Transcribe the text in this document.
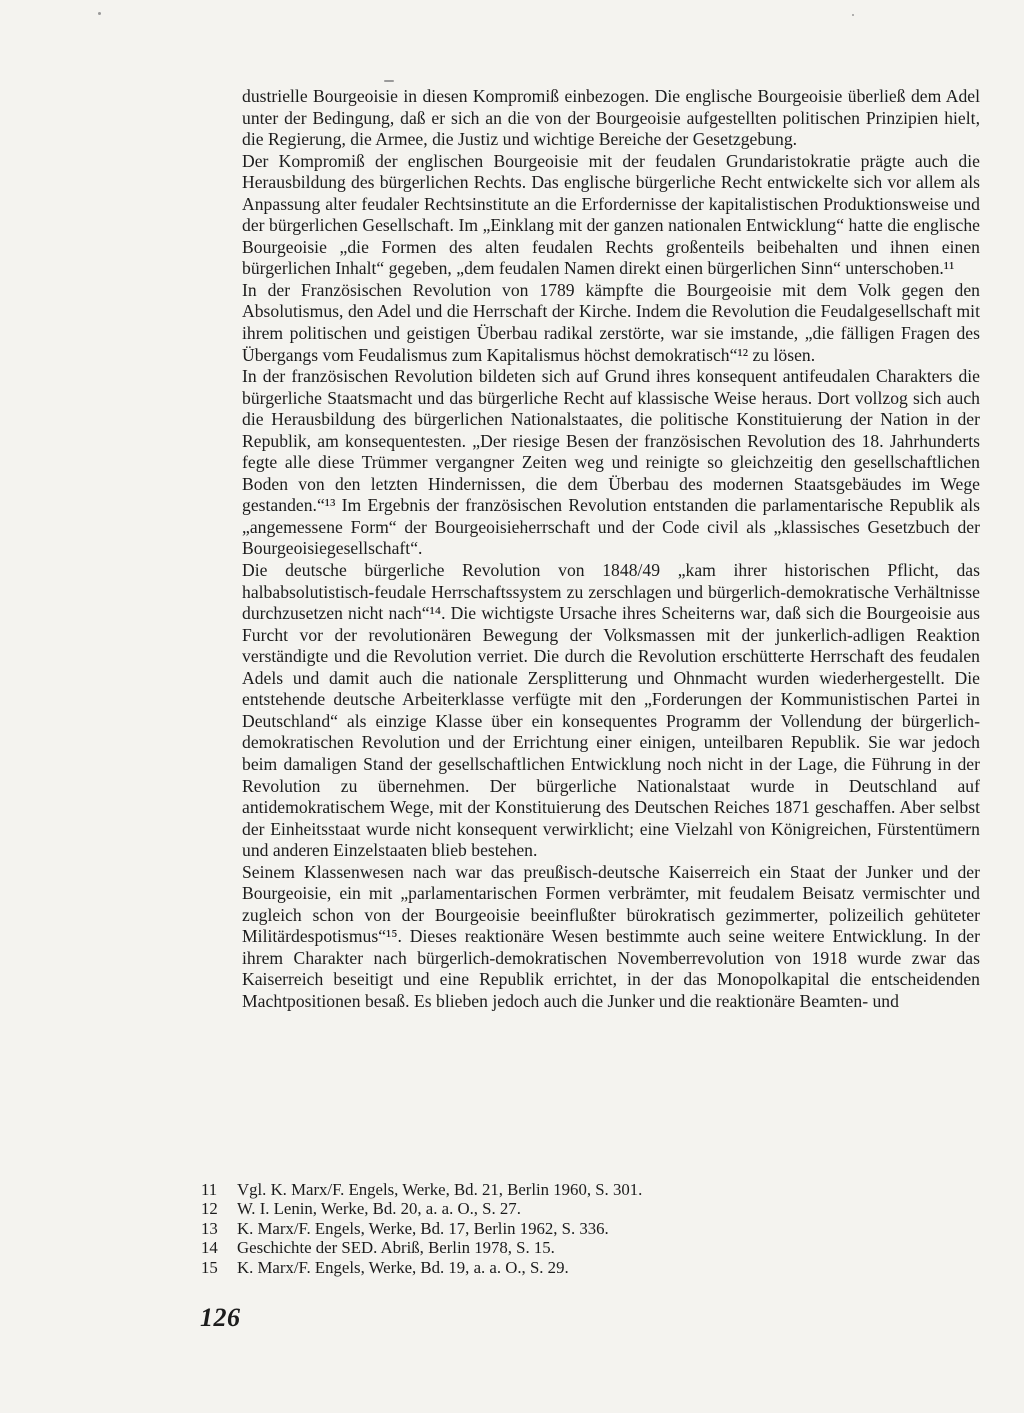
dustrielle Bourgeoisie in diesen Kompromiß einbezogen. Die englische Bourgeoisie überließ dem Adel unter der Bedingung, daß er sich an die von der Bourgeoisie aufgestellten politischen Prinzipien hielt, die Regierung, die Armee, die Justiz und wichtige Bereiche der Gesetzgebung.

Der Kompromiß der englischen Bourgeoisie mit der feudalen Grundaristokratie prägte auch die Herausbildung des bürgerlichen Rechts. Das englische bürgerliche Recht entwickelte sich vor allem als Anpassung alter feudaler Rechtsinstitute an die Erfordernisse der kapitalistischen Produktionsweise und der bürgerlichen Gesellschaft. Im „Einklang mit der ganzen nationalen Entwicklung“ hatte die englische Bourgeoisie „die Formen des alten feudalen Rechts großenteils beibehalten und ihnen einen bürgerlichen Inhalt“ gegeben, „dem feudalen Namen direkt einen bürgerlichen Sinn“ unterschoben.¹¹

In der Französischen Revolution von 1789 kämpfte die Bourgeoisie mit dem Volk gegen den Absolutismus, den Adel und die Herrschaft der Kirche. Indem die Revolution die Feudalgesellschaft mit ihrem politischen und geistigen Überbau radikal zerstörte, war sie imstande, „die fälligen Fragen des Übergangs vom Feudalismus zum Kapitalismus höchst demokratisch“¹² zu lösen.

In der französischen Revolution bildeten sich auf Grund ihres konsequent antifeudalen Charakters die bürgerliche Staatsmacht und das bürgerliche Recht auf klassische Weise heraus. Dort vollzog sich auch die Herausbildung des bürgerlichen Nationalstaates, die politische Konstituierung der Nation in der Republik, am konsequentesten. „Der riesige Besen der französischen Revolution des 18. Jahrhunderts fegte alle diese Trümmer vergangner Zeiten weg und reinigte so gleichzeitig den gesellschaftlichen Boden von den letzten Hindernissen, die dem Überbau des modernen Staatsgebäudes im Wege gestanden.“¹³ Im Ergebnis der französischen Revolution entstanden die parlamentarische Republik als „angemessene Form“ der Bourgeoisieherrschaft und der Code civil als „klassisches Gesetzbuch der Bourgeoisiegesellschaft“.

Die deutsche bürgerliche Revolution von 1848/49 „kam ihrer historischen Pflicht, das halbabsolutistisch-feudale Herrschaftssystem zu zerschlagen und bürgerlich-demokratische Verhältnisse durchzusetzen nicht nach“¹⁴. Die wichtigste Ursache ihres Scheiterns war, daß sich die Bourgeoisie aus Furcht vor der revolutionären Bewegung der Volksmassen mit der junkerlich-adligen Reaktion verständigte und die Revolution verriet. Die durch die Revolution erschütterte Herrschaft des feudalen Adels und damit auch die nationale Zersplitterung und Ohnmacht wurden wiederhergestellt. Die entstehende deutsche Arbeiterklasse verfügte mit den „Forderungen der Kommunistischen Partei in Deutschland“ als einzige Klasse über ein konsequentes Programm der Vollendung der bürgerlich-demokratischen Revolution und der Errichtung einer einigen, unteilbaren Republik. Sie war jedoch beim damaligen Stand der gesellschaftlichen Entwicklung noch nicht in der Lage, die Führung in der Revolution zu übernehmen. Der bürgerliche Nationalstaat wurde in Deutschland auf antidemokratischem Wege, mit der Konstituierung des Deutschen Reiches 1871 geschaffen. Aber selbst der Einheitsstaat wurde nicht konsequent verwirklicht; eine Vielzahl von Königreichen, Fürstentümern und anderen Einzelstaaten blieb bestehen.

Seinem Klassenwesen nach war das preußisch-deutsche Kaiserreich ein Staat der Junker und der Bourgeoisie, ein mit „parlamentarischen Formen verbrämter, mit feudalem Beisatz vermischter und zugleich schon von der Bourgeoisie beeinflußter bürokratisch gezimmerter, polizeilich gehüteter Militärdespotismus“¹⁵. Dieses reaktionäre Wesen bestimmte auch seine weitere Entwicklung. In der ihrem Charakter nach bürgerlich-demokratischen Novemberrevolution von 1918 wurde zwar das Kaiserreich beseitigt und eine Republik errichtet, in der das Monopolkapital die entscheidenden Machtpositionen besaß. Es blieben jedoch auch die Junker und die reaktionäre Beamten- und

11	Vgl. K. Marx/F. Engels, Werke, Bd. 21, Berlin 1960, S. 301.
12	W. I. Lenin, Werke, Bd. 20, a. a. O., S. 27.
13	K. Marx/F. Engels, Werke, Bd. 17, Berlin 1962, S. 336.
14	Geschichte der SED. Abriß, Berlin 1978, S. 15.
15	K. Marx/F. Engels, Werke, Bd. 19, a. a. O., S. 29.
126
